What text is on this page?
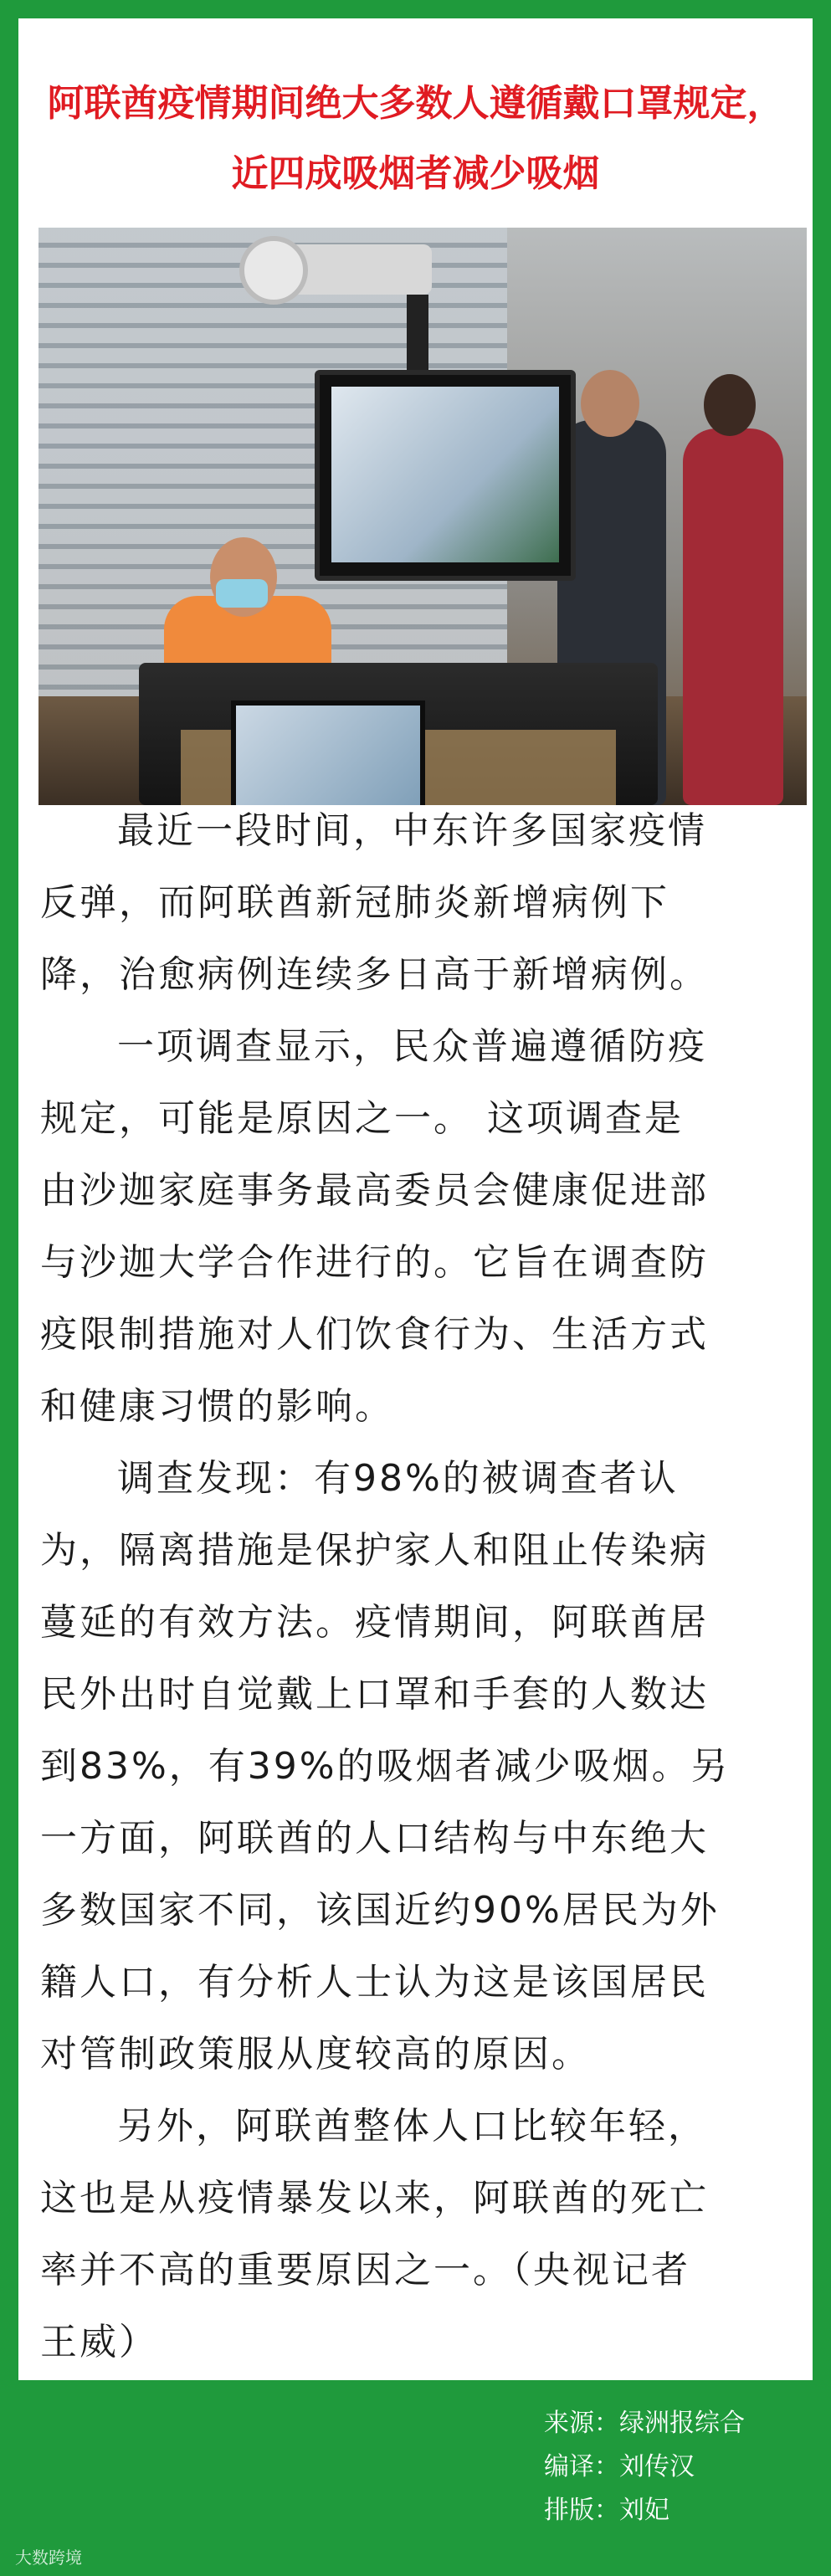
阿联酋疫情期间绝大多数人遵循戴口罩规定，
近四成吸烟者减少吸烟
最近一段时间，中东许多国家疫情
反弹，而阿联酋新冠肺炎新增病例下
降，治愈病例连续多日高于新增病例。
一项调查显示，民众普遍遵循防疫
规定，可能是原因之一。 这项调查是
由沙迦家庭事务最高委员会健康促进部
与沙迦大学合作进行的。它旨在调查防
疫限制措施对人们饮食行为、生活方式
和健康习惯的影响。
调查发现：有98%的被调查者认
为，隔离措施是保护家人和阻止传染病
蔓延的有效方法。疫情期间，阿联酋居
民外出时自觉戴上口罩和手套的人数达
到83%，有39%的吸烟者减少吸烟。另
一方面，阿联酋的人口结构与中东绝大
多数国家不同，该国近约90%居民为外
籍人口，有分析人士认为这是该国居民
对管制政策服从度较高的原因。
另外，阿联酋整体人口比较年轻，
这也是从疫情暴发以来，阿联酋的死亡
率并不高的重要原因之一。（央视记者
王威）
来源：绿洲报综合
编译：刘传汉
排版：刘妃
大数跨境
